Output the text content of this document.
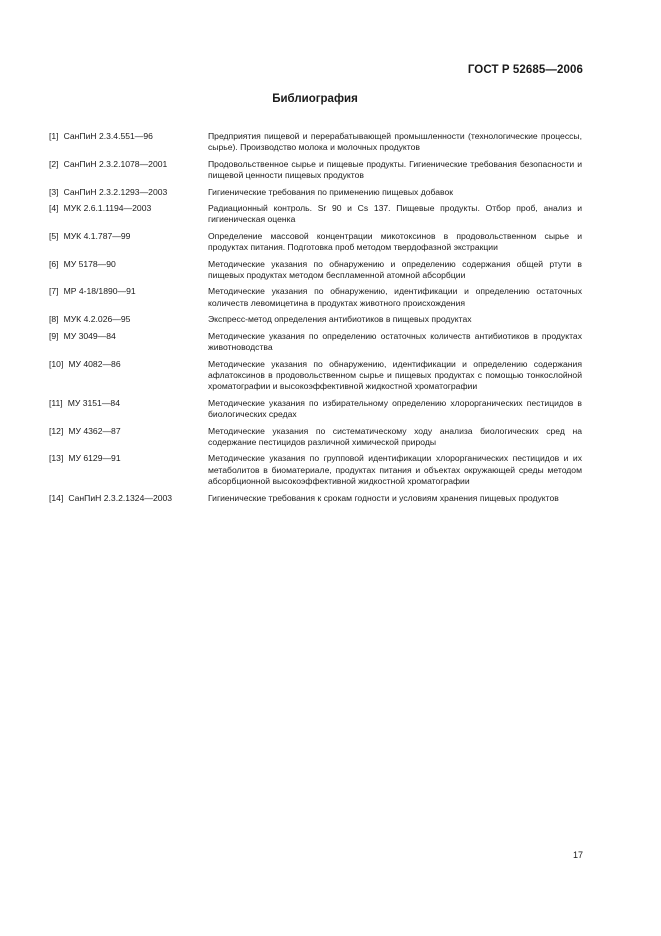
ГОСТ Р 52685—2006
Библиография
[1] СанПиН 2.3.4.551—96	Предприятия пищевой и перерабатывающей промышленности (технологические процессы, сырье). Производство молока и молочных продуктов
[2] СанПиН 2.3.2.1078—2001	Продовольственное сырье и пищевые продукты. Гигиенические требования безопасности и пищевой ценности пищевых продуктов
[3] СанПиН 2.3.2.1293—2003	Гигиенические требования по применению пищевых добавок
[4] МУК 2.6.1.1194—2003	Радиационный контроль. Sr 90 и Cs 137. Пищевые продукты. Отбор проб, анализ и гигиеническая оценка
[5] МУК 4.1.787—99	Определение массовой концентрации микотоксинов в продовольственном сырье и продуктах питания. Подготовка проб методом твердофазной экстракции
[6] МУ 5178—90	Методические указания по обнаружению и определению содержания общей ртути в пищевых продуктах методом беспламенной атомной абсорбции
[7] МР 4-18/1890—91	Методические указания по обнаружению, идентификации и определению остаточных количеств левомицетина в продуктах животного происхождения
[8] МУК 4.2.026—95	Экспресс-метод определения антибиотиков в пищевых продуктах
[9] МУ 3049—84	Методические указания по определению остаточных количеств антибиотиков в продуктах животноводства
[10] МУ 4082—86	Методические указания по обнаружению, идентификации и определению содержания афлатоксинов в продовольственном сырье и пищевых продуктах с помощью тонкослойной хроматографии и высокоэффективной жидкостной хроматографии
[11] МУ 3151—84	Методические указания по избирательному определению хлорорганических пестицидов в биологических средах
[12] МУ 4362—87	Методические указания по систематическому ходу анализа биологических сред на содержание пестицидов различной химической природы
[13] МУ 6129—91	Методические указания по групповой идентификации хлорорганических пестицидов и их метаболитов в биоматериале, продуктах питания и объектах окружающей среды методом абсорбционной высокоэффективной жидкостной хроматографии
[14] СанПиН 2.3.2.1324—2003	Гигиенические требования к срокам годности и условиям хранения пищевых продуктов
17
